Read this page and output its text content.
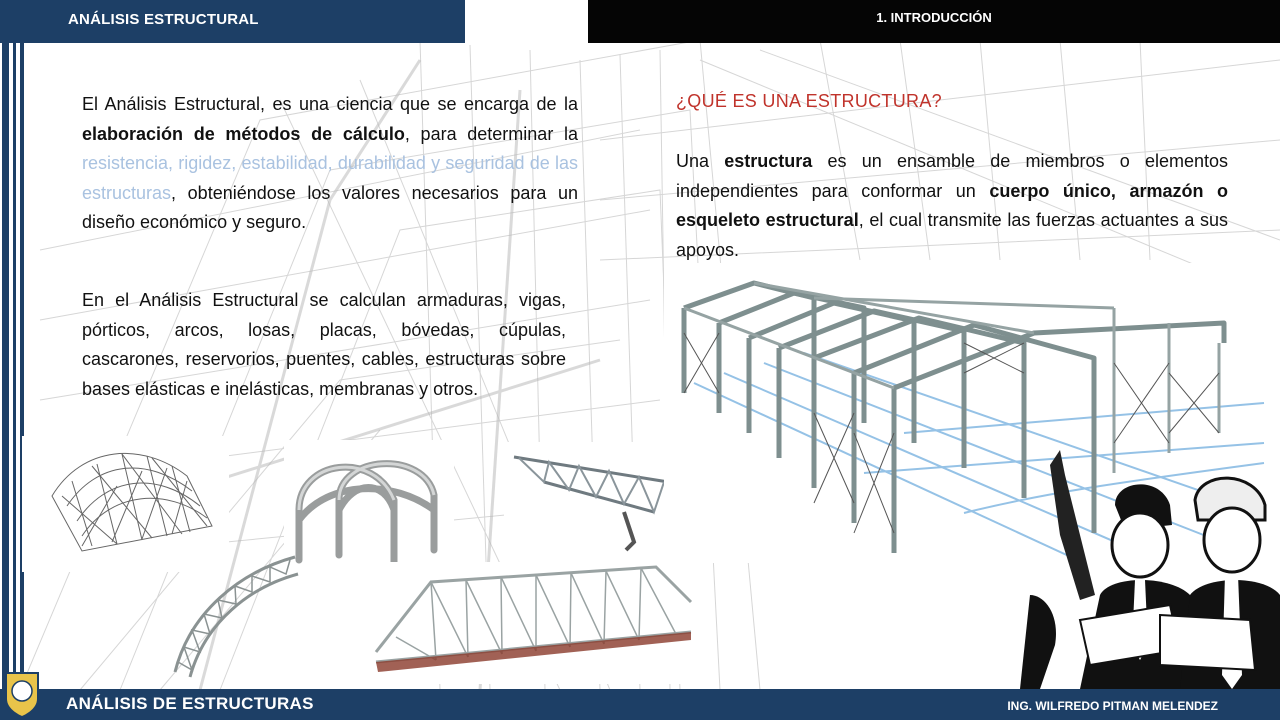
ANÁLISIS ESTRUCTURAL	1. INTRODUCCIÓN
El Análisis Estructural, es una ciencia que se encarga de la elaboración de métodos de cálculo, para determinar la resistencia, rigidez, estabilidad, durabilidad y seguridad de las estructuras, obteniéndose los valores necesarios para un diseño económico y seguro.
En el Análisis Estructural se calculan armaduras, vigas, pórticos, arcos, losas, placas, bóvedas, cúpulas, cascarones, reservorios, puentes, cables, estructuras sobre bases elásticas e inelásticas, membranas y otros.
¿QUÉ ES UNA ESTRUCTURA?
Una estructura es un ensamble de miembros o elementos independientes para conformar un cuerpo único, armazón o esqueleto estructural, el cual transmite las fuerzas actuantes a sus apoyos.
ANÁLISIS DE ESTRUCTURAS	ING. WILFREDO PITMAN MELENDEZ
